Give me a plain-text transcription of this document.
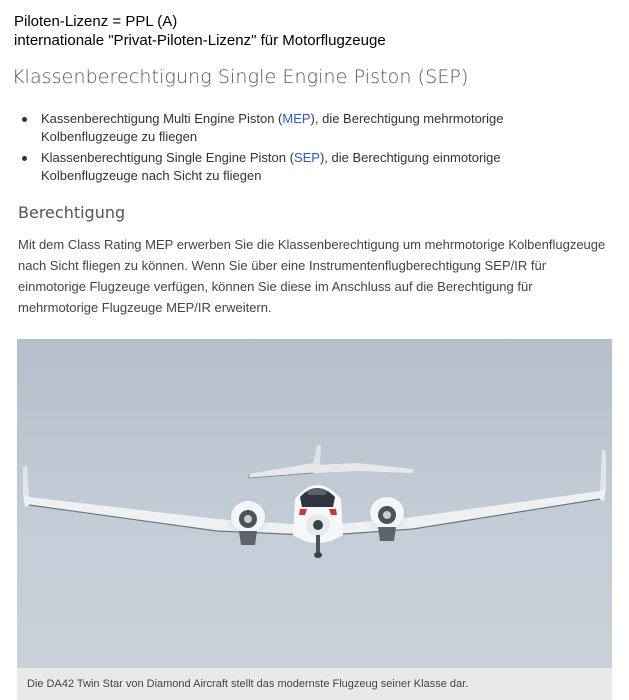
Piloten-Lizenz = PPL (A)
internationale "Privat-Piloten-Lizenz" für Motorflugzeuge
Klassenberechtigung Single Engine Piston (SEP)
Kassenberechtigung Multi Engine Piston (MEP), die Berechtigung mehrmotorige Kolbenflugzeuge zu fliegen
Klassenberechtigung Single Engine Piston (SEP), die Berechtigung einmotorige Kolbenflugzeuge nach Sicht zu fliegen
Berechtigung

Mit dem Class Rating MEP erwerben Sie die Klassenberechtigung um mehrmotorige Kolbenflugzeuge nach Sicht fliegen zu können. Wenn Sie über eine Instrumentenflugberechtigung SEP/IR für einmotorige Flugzeuge verfügen, können Sie diese im Anschluss auf die Berechtigung für mehrmotorige Flugzeuge MEP/IR erweitern.

Die DA42 Twin Star von Diamond Aircraft stellt das modernste Flugzeug seiner Klasse dar.
